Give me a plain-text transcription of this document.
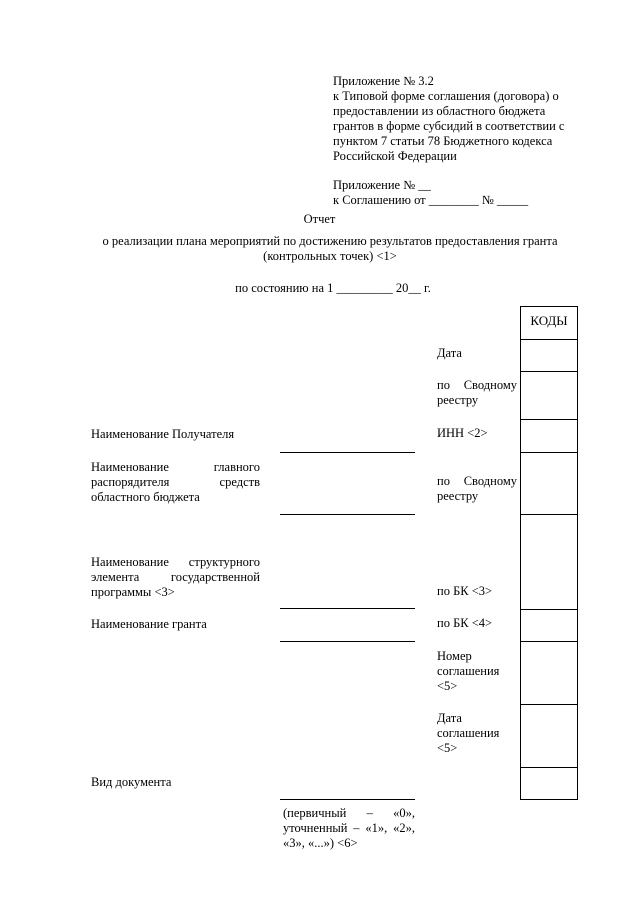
Приложение № 3.2
к Типовой форме соглашения (договора) о
предоставлении из областного бюджета
грантов в форме субсидий в соответствии с
пунктом 7 статьи 78 Бюджетного кодекса
Российской Федерации
Приложение № __
к Соглашению от ________ № _____
Отчет
о реализации плана мероприятий по достижению результатов предоставления гранта
(контрольных точек) <1>
по состоянию на 1 _________ 20__ г.
КОДЫ
Дата
по Сводному реестру
ИНН <2>
по Сводному реестру
по БК <3>
по БК <4>
Номер соглашения <5>
Дата соглашения <5>
Наименование Получателя
Наименование главного распорядителя средств областного бюджета
Наименование структурного элемента государственной программы <3>
Наименование гранта
Вид документа
(первичный – «0», уточненный – «1», «2», «3», «...») <6>
